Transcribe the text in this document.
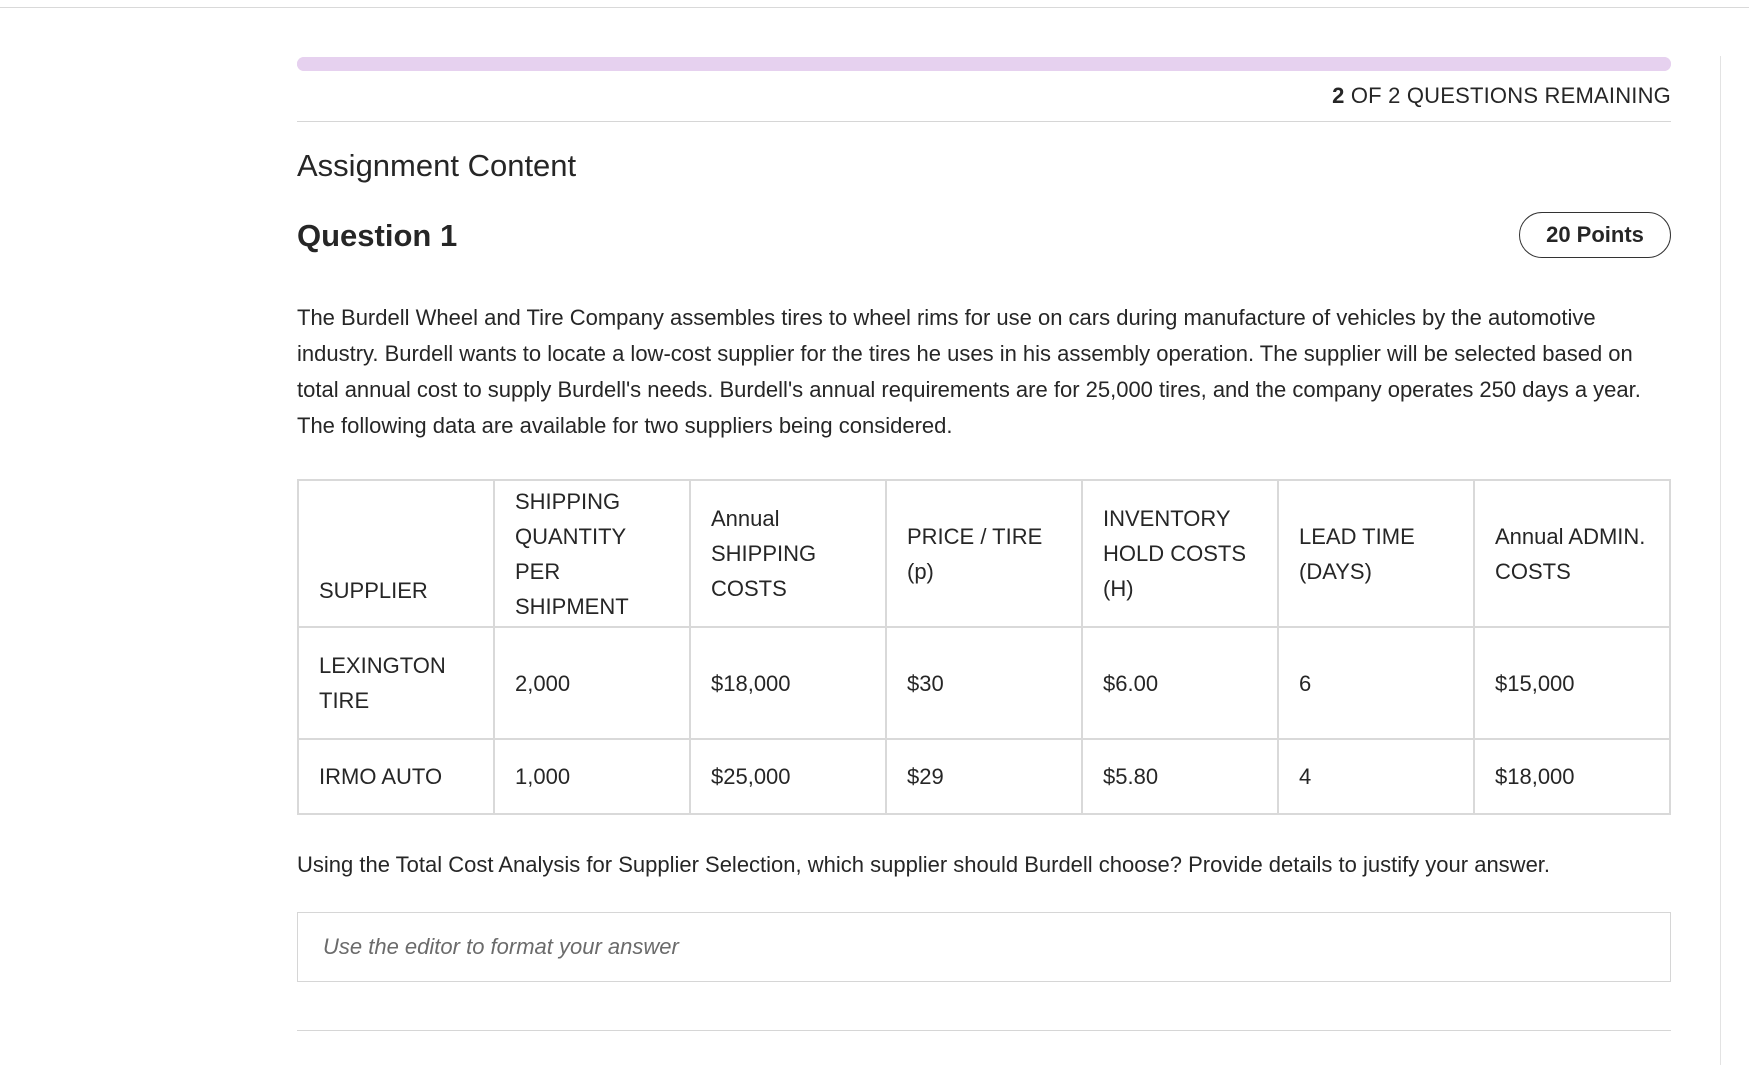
2 OF 2 QUESTIONS REMAINING
Assignment Content
Question 1	20 Points
The Burdell Wheel and Tire Company assembles tires to wheel rims for use on cars during manufacture of vehicles by the automotive industry. Burdell wants to locate a low-cost supplier for the tires he uses in his assembly operation. The supplier will be selected based on total annual cost to supply Burdell's needs. Burdell's annual requirements are for 25,000 tires, and the company operates 250 days a year. The following data are available for two suppliers being considered.
SUPPLIER	SHIPPING QUANTITY PER SHIPMENT	Annual SHIPPING COSTS	PRICE / TIRE (p)	INVENTORY HOLD COSTS (H)	LEAD TIME (DAYS)	Annual ADMIN. COSTS
LEXINGTON TIRE	2,000	$18,000	$30	$6.00	6	$15,000
IRMO AUTO	1,000	$25,000	$29	$5.80	4	$18,000
Using the Total Cost Analysis for Supplier Selection, which supplier should Burdell choose? Provide details to justify your answer.
Use the editor to format your answer
